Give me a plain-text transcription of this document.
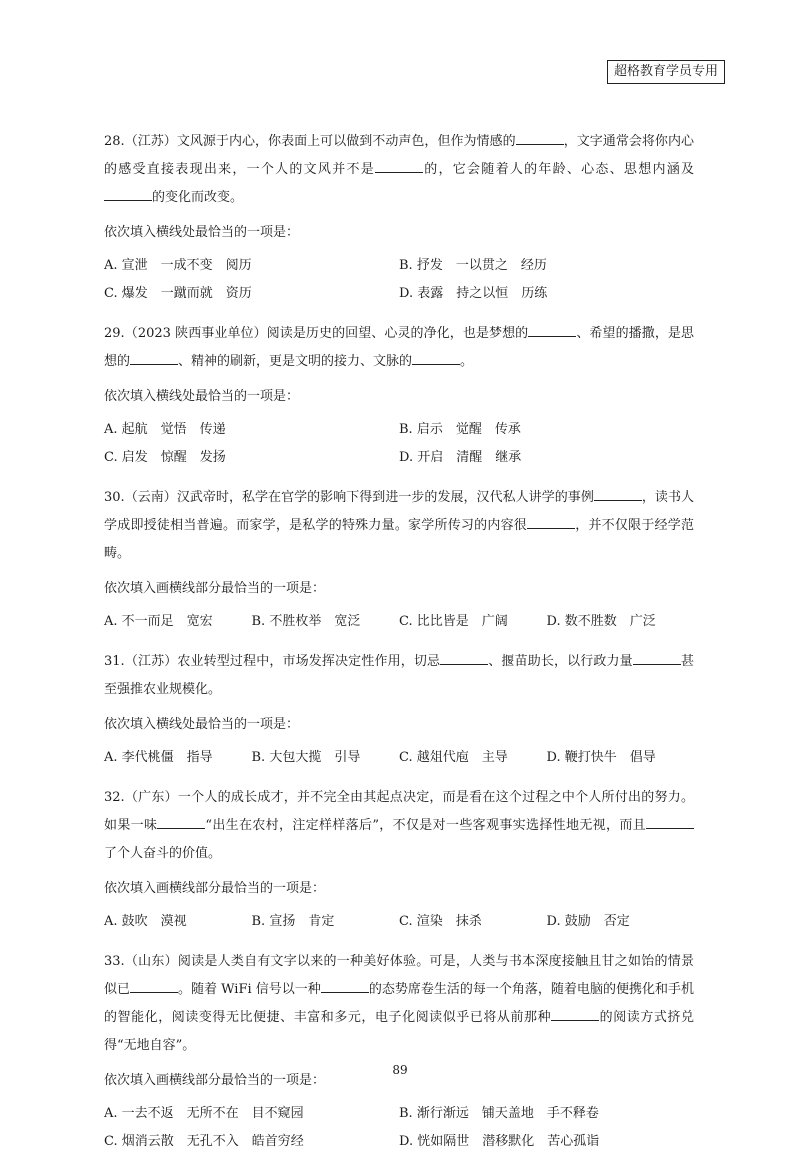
超格教育学员专用

28.（江苏）文风源于内心，你表面上可以做到不动声色，但作为情感的	，文字通常会将你内心的感受直接表现出来，一个人的文风并不是	的，它会随着人的年龄、心态、思想内涵及的变化而改变。

依次填入横线处最恰当的一项是：
A. 宣泄　一成不变　阅历	B. 抒发　一以贯之　经历
C. 爆发　一蹴而就　资历	D. 表露　持之以恒　历练

29.（2023 陕西事业单位）阅读是历史的回望、心灵的净化，也是梦想的	、希望的播撒，是思想的	、精神的刷新，更是文明的接力、文脉的	。

依次填入横线处最恰当的一项是：
A. 起航　觉悟　传递	B. 启示　觉醒　传承
C. 启发　惊醒　发扬	D. 开启　清醒　继承

30.（云南）汉武帝时，私学在官学的影响下得到进一步的发展，汉代私人讲学的事例	，读书人学成即授徒相当普遍。而家学，是私学的特殊力量。家学所传习的内容很	，并不仅限于经学范畴。

依次填入画横线部分最恰当的一项是：
A. 不一而足　宽宏	B. 不胜枚举　宽泛	C. 比比皆是　广阔	D. 数不胜数　广泛

31.（江苏）农业转型过程中，市场发挥决定性作用，切忌	、揠苗助长，以行政力量	甚至强推农业规模化。

依次填入横线处最恰当的一项是：
A. 李代桃僵　指导	B. 大包大揽　引导	C. 越俎代庖　主导	D. 鞭打快牛　倡导

32.（广东）一个人的成长成才，并不完全由其起点决定，而是看在这个过程之中个人所付出的努力。如果一味	“出生在农村，注定样样落后”，不仅是对一些客观事实选择性地无视，而且了个人奋斗的价值。

依次填入画横线部分最恰当的一项是：
A. 鼓吹　漠视	B. 宣扬　肯定	C. 渲染　抹杀	D. 鼓励　否定

33.（山东）阅读是人类自有文字以来的一种美好体验。可是，人类与书本深度接触且甘之如饴的情景似已	。随着 WiFi 信号以一种	的态势席卷生活的每一个角落，随着电脑的便携化和手机的智能化，阅读变得无比便捷、丰富和多元，电子化阅读似乎已将从前那种	的阅读方式挤兑得“无地自容”。

依次填入画横线部分最恰当的一项是：
A. 一去不返　无所不在　目不窥园	B. 渐行渐远　铺天盖地　手不释卷
C. 烟消云散　无孔不入　皓首穷经	D. 恍如隔世　潜移默化　苦心孤诣
89
